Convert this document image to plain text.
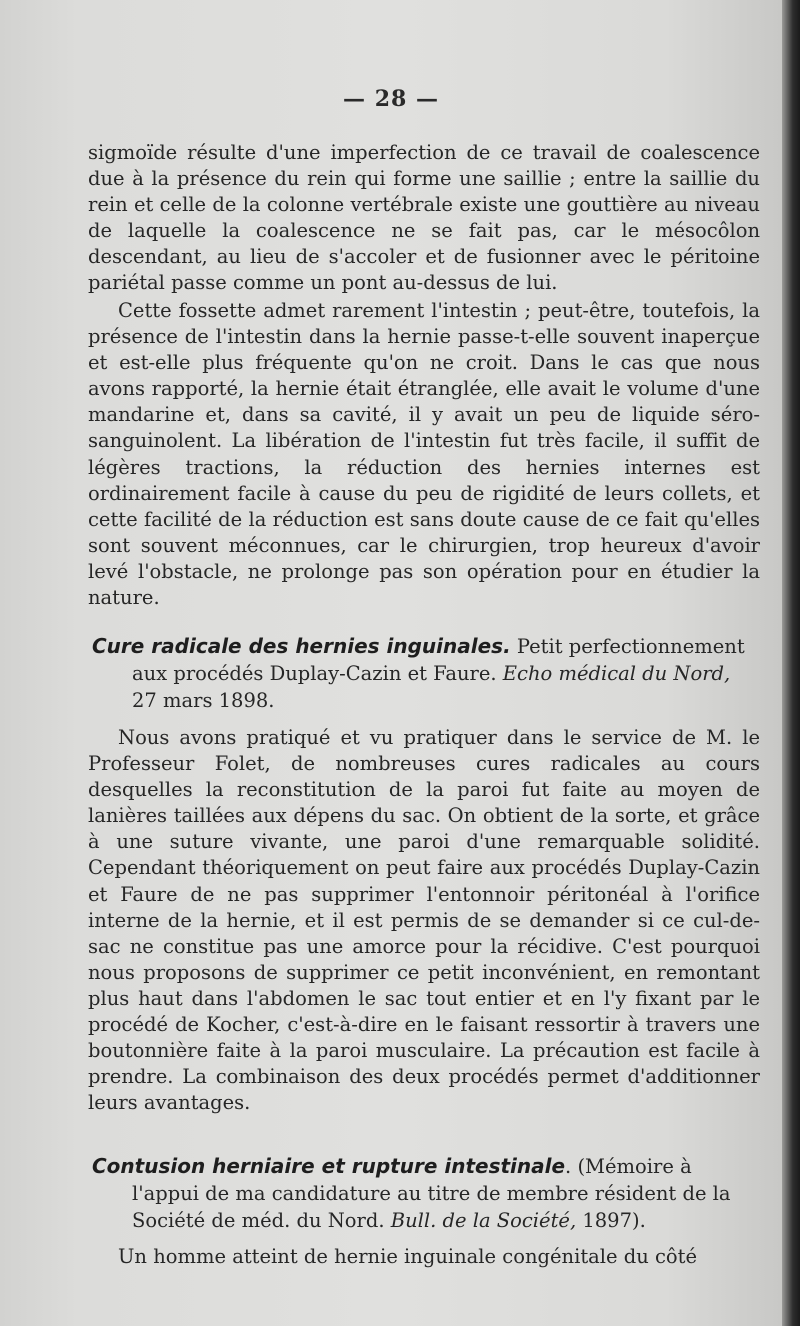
— 28 —

sigmoïde résulte d'une imperfection de ce travail de coalescence due à la présence du rein qui forme une saillie ; entre la saillie du rein et celle de la colonne vertébrale existe une gouttière au niveau de laquelle la coalescence ne se fait pas, car le mésocôlon descendant, au lieu de s'accoler et de fusionner avec le péritoine pariétal passe comme un pont au-dessus de lui.

Cette fossette admet rarement l'intestin ; peut-être, toutefois, la présence de l'intestin dans la hernie passe-t-elle souvent inaperçue et est-elle plus fréquente qu'on ne croit. Dans le cas que nous avons rapporté, la hernie était étranglée, elle avait le volume d'une mandarine et, dans sa cavité, il y avait un peu de liquide séro-sanguinolent. La libération de l'intestin fut très facile, il suffit de légères tractions, la réduction des hernies internes est ordinairement facile à cause du peu de rigidité de leurs collets, et cette facilité de la réduction est sans doute cause de ce fait qu'elles sont souvent méconnues, car le chirurgien, trop heureux d'avoir levé l'obstacle, ne prolonge pas son opération pour en étudier la nature.

Cure radicale des hernies inguinales. Petit perfectionnement aux procédés Duplay-Cazin et Faure. Echo médical du Nord, 27 mars 1898.

Nous avons pratiqué et vu pratiquer dans le service de M. le Professeur Folet, de nombreuses cures radicales au cours desquelles la reconstitution de la paroi fut faite au moyen de lanières taillées aux dépens du sac. On obtient de la sorte, et grâce à une suture vivante, une paroi d'une remarquable solidité. Cependant théoriquement on peut faire aux procédés Duplay-Cazin et Faure de ne pas supprimer l'entonnoir péritonéal à l'orifice interne de la hernie, et il est permis de se demander si ce cul-de-sac ne constitue pas une amorce pour la récidive. C'est pourquoi nous proposons de supprimer ce petit inconvénient, en remontant plus haut dans l'abdomen le sac tout entier et en l'y fixant par le procédé de Kocher, c'est-à-dire en le faisant ressortir à travers une boutonnière faite à la paroi musculaire. La précaution est facile à prendre. La combinaison des deux procédés permet d'additionner leurs avantages.

Contusion herniaire et rupture intestinale. (Mémoire à l'appui de ma candidature au titre de membre résident de la Société de méd. du Nord. Bull. de la Société, 1897).

Un homme atteint de hernie inguinale congénitale du côté
